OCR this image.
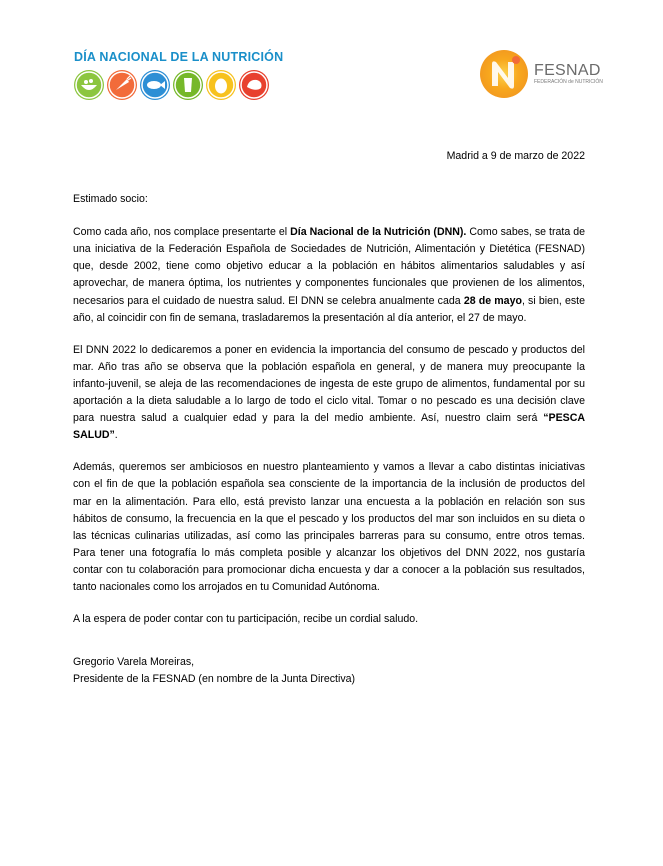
DÍA NACIONAL DE LA NUTRICIÓN
FESNAD
FEDERACIÓN de NUTRICIÓN
Madrid a 9 de marzo de 2022
Estimado socio:
Como cada año, nos complace presentarte el Día Nacional de la Nutrición (DNN). Como sabes, se trata de una iniciativa de la Federación Española de Sociedades de Nutrición, Alimentación y Dietética (FESNAD) que, desde 2002, tiene como objetivo educar a la población en hábitos alimentarios saludables y así aprovechar, de manera óptima, los nutrientes y componentes funcionales que provienen de los alimentos, necesarios para el cuidado de nuestra salud. El DNN se celebra anualmente cada 28 de mayo, si bien, este año, al coincidir con fin de semana, trasladaremos la presentación al día anterior, el 27 de mayo.
El DNN 2022 lo dedicaremos a poner en evidencia la importancia del consumo de pescado y productos del mar. Año tras año se observa que la población española en general, y de manera muy preocupante la infanto-juvenil, se aleja de las recomendaciones de ingesta de este grupo de alimentos, fundamental por su aportación a la dieta saludable a lo largo de todo el ciclo vital. Tomar o no pescado es una decisión clave para nuestra salud a cualquier edad y para la del medio ambiente. Así, nuestro claim será “PESCA SALUD”.
Además, queremos ser ambiciosos en nuestro planteamiento y vamos a llevar a cabo distintas iniciativas con el fin de que la población española sea consciente de la importancia de la inclusión de productos del mar en la alimentación. Para ello, está previsto lanzar una encuesta a la población en relación son sus hábitos de consumo, la frecuencia en la que el pescado y los productos del mar son incluidos en su dieta o las técnicas culinarias utilizadas, así como las principales barreras para su consumo, entre otros temas. Para tener una fotografía lo más completa posible y alcanzar los objetivos del DNN 2022, nos gustaría contar con tu colaboración para promocionar dicha encuesta y dar a conocer a la población sus resultados, tanto nacionales como los arrojados en tu Comunidad Autónoma.
A la espera de poder contar con tu participación, recibe un cordial saludo.
Gregorio Varela Moreiras,
Presidente de la FESNAD (en nombre de la Junta Directiva)
